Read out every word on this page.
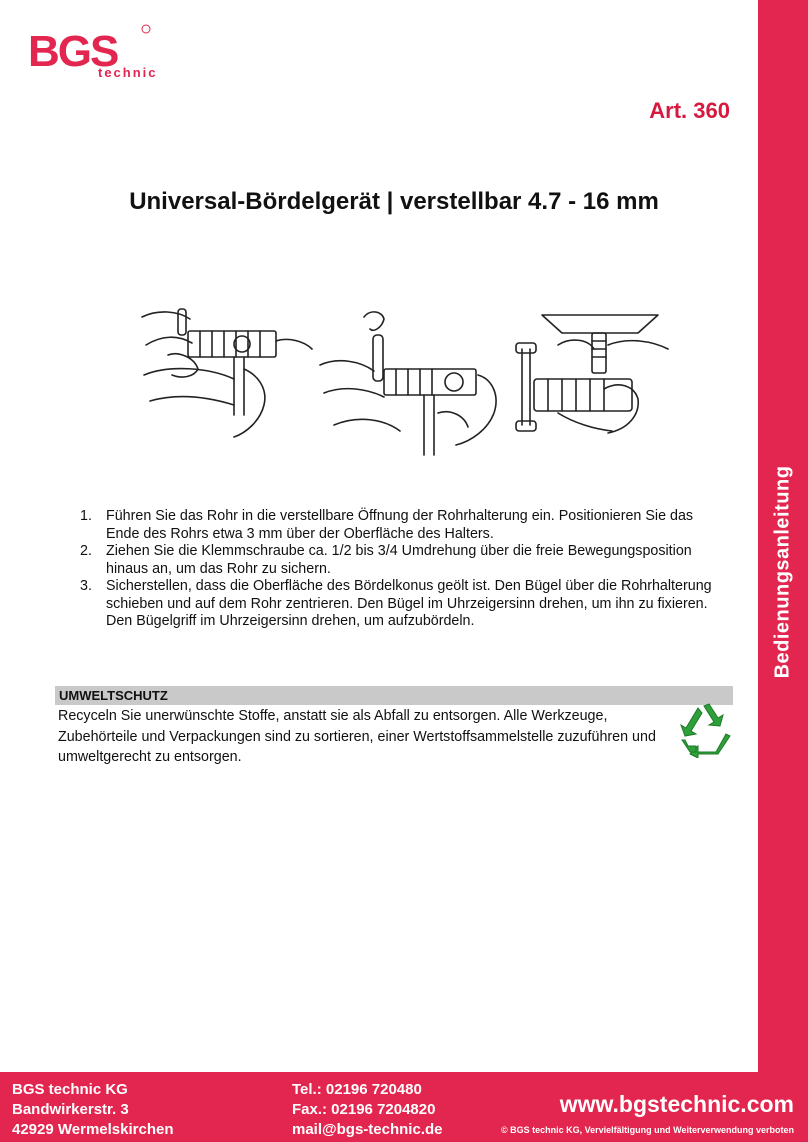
Bedienungsanleitung
BGS
technic
Art. 360
Universal-Bördelgerät | verstellbar 4.7 - 16 mm
1. Führen Sie das Rohr in die verstellbare Öffnung der Rohrhalterung ein. Positionieren Sie das Ende des Rohrs etwa 3 mm über der Oberfläche des Halters.
2. Ziehen Sie die Klemmschraube ca. 1/2 bis 3/4 Umdrehung über die freie Bewegungsposition hinaus an, um das Rohr zu sichern.
3. Sicherstellen, dass die Oberfläche des Bördelkonus geölt ist. Den Bügel über die Rohrhalterung schieben und auf dem Rohr zentrieren. Den Bügel im Uhrzeigersinn drehen, um ihn zu fixieren. Den Bügelgriff im Uhrzeigersinn drehen, um aufzubördeln.
UMWELTSCHUTZ
Recyceln Sie unerwünschte Stoffe, anstatt sie als Abfall zu entsorgen. Alle Werkzeuge, Zubehörteile und Verpackungen sind zu sortieren, einer Wertstoffsammelstelle zuzuführen und umweltgerecht zu entsorgen.
BGS technic KG
Bandwirkerstr. 3
42929 Wermelskirchen
Tel.: 02196 720480
Fax.: 02196 7204820
mail@bgs-technic.de
www.bgstechnic.com
© BGS technic KG, Vervielfältigung und Weiterverwendung verboten
